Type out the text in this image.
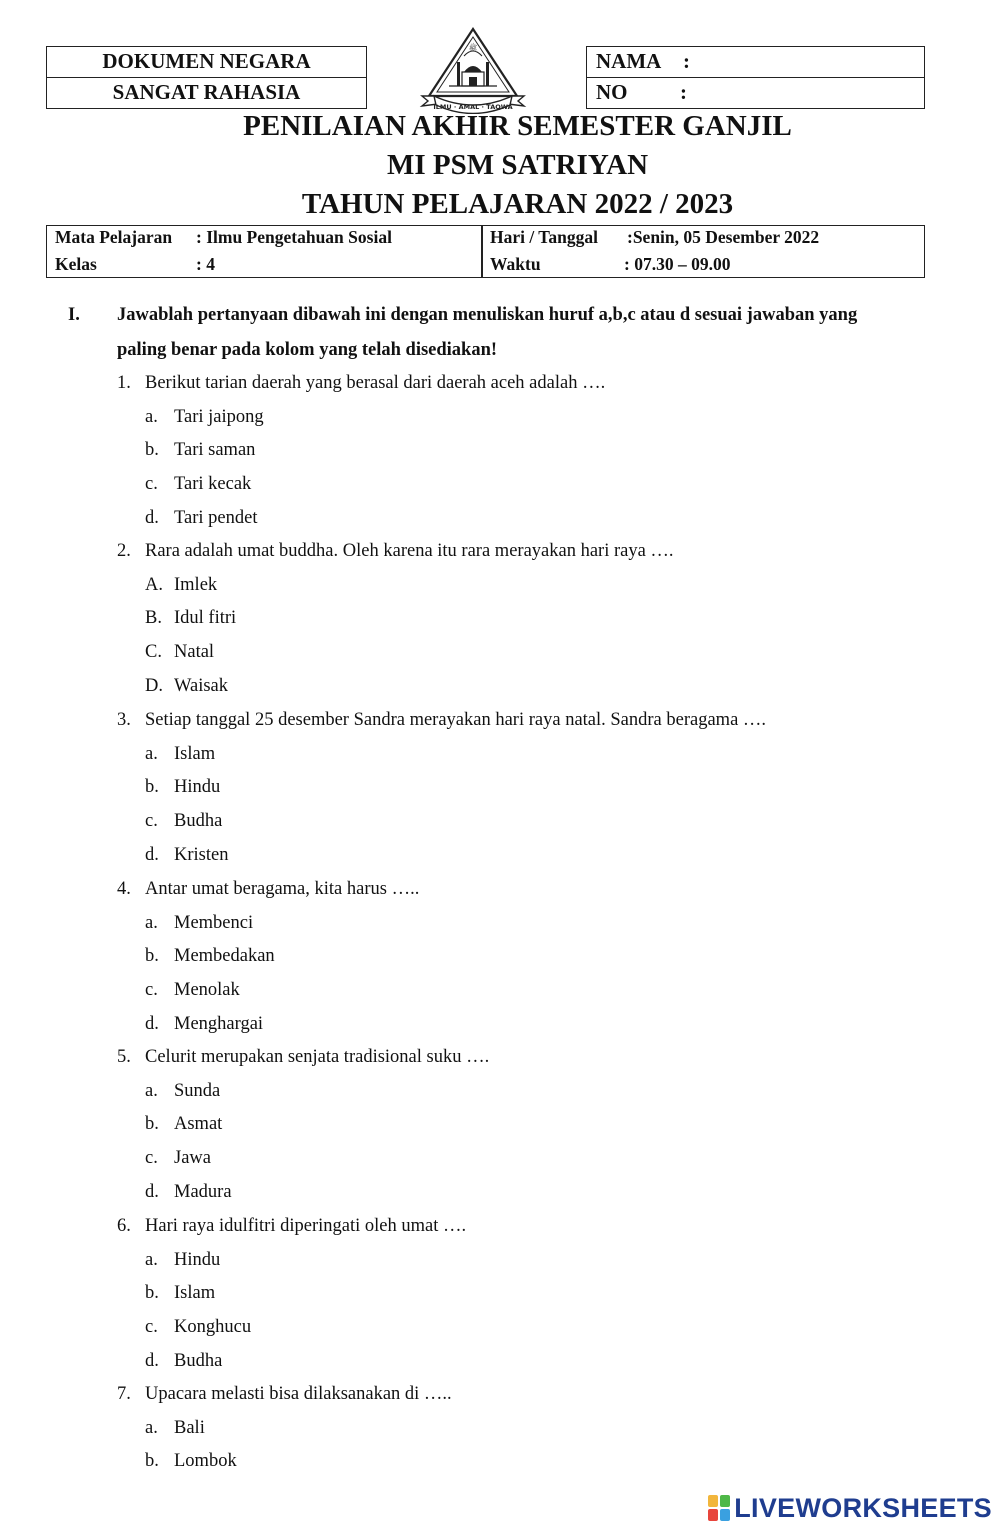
DOKUMEN NEGARA
SANGAT RAHASIA
NAMA :
NO	:
ﷺ
ILMU · AMAL · TAQWA
PENILAIAN AKHIR SEMESTER GANJIL
MI PSM SATRIYAN
TAHUN PELAJARAN 2022 / 2023
Mata Pelajaran : Ilmu Pengetahuan Sosial
Kelas	: 4
Hari / Tanggal :Senin, 05 Desember 2022
Waktu	: 07.30 – 09.00
I. Jawablah pertanyaan dibawah ini dengan menuliskan huruf a,b,c atau d sesuai jawaban yang
paling benar pada kolom yang telah disediakan!
1. Berikut tarian daerah yang berasal dari daerah aceh adalah ….
a. Tari jaipong
b. Tari saman
c. Tari kecak
d. Tari pendet
2. Rara adalah umat buddha. Oleh karena itu rara merayakan hari raya ….
A. Imlek
B. Idul fitri
C. Natal
D. Waisak
3. Setiap tanggal 25 desember Sandra merayakan hari raya natal. Sandra beragama ….
a. Islam
b. Hindu
c. Budha
d. Kristen
4. Antar umat beragama, kita harus …..
a. Membenci
b. Membedakan
c. Menolak
d. Menghargai
5. Celurit merupakan senjata tradisional suku ….
a. Sunda
b. Asmat
c. Jawa
d. Madura
6. Hari raya idulfitri diperingati oleh umat ….
a. Hindu
b. Islam
c. Konghucu
d. Budha
7. Upacara melasti bisa dilaksanakan di …..
a. Bali
b. Lombok
LIVEWORKSHEETS
